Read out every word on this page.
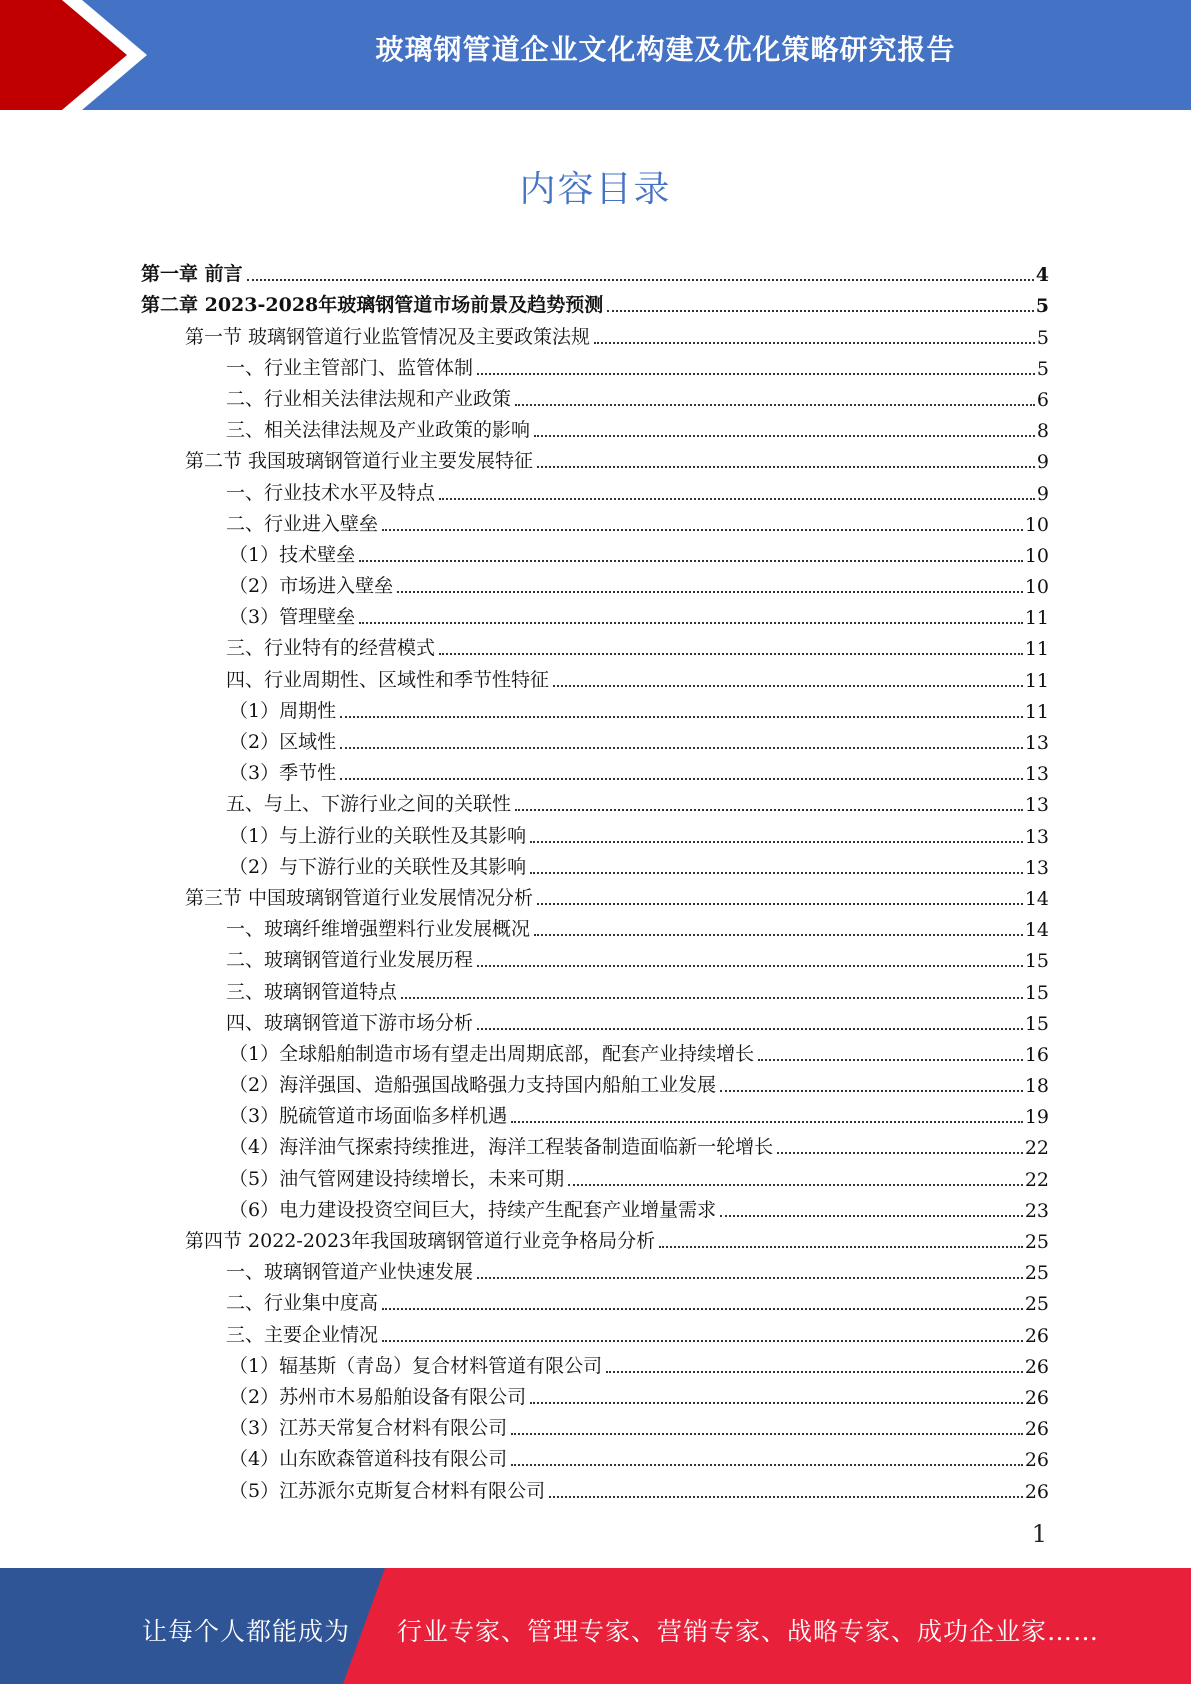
玻璃钢管道企业文化构建及优化策略研究报告
内容目录
第一章 前言	4
第二章 2023-2028年玻璃钢管道市场前景及趋势预测	5
第一节 玻璃钢管道行业监管情况及主要政策法规	5
一、行业主管部门、监管体制	5
二、行业相关法律法规和产业政策	6
三、相关法律法规及产业政策的影响	8
第二节 我国玻璃钢管道行业主要发展特征	9
一、行业技术水平及特点	9
二、行业进入壁垒	10
（1）技术壁垒	10
（2）市场进入壁垒	10
（3）管理壁垒	11
三、行业特有的经营模式	11
四、行业周期性、区域性和季节性特征	11
（1）周期性	11
（2）区域性	13
（3）季节性	13
五、与上、下游行业之间的关联性	13
（1）与上游行业的关联性及其影响	13
（2）与下游行业的关联性及其影响	13
第三节 中国玻璃钢管道行业发展情况分析	14
一、玻璃纤维增强塑料行业发展概况	14
二、玻璃钢管道行业发展历程	15
三、玻璃钢管道特点	15
四、玻璃钢管道下游市场分析	15
（1）全球船舶制造市场有望走出周期底部，配套产业持续增长	16
（2）海洋强国、造船强国战略强力支持国内船舶工业发展	18
（3）脱硫管道市场面临多样机遇	19
（4）海洋油气探索持续推进，海洋工程装备制造面临新一轮增长	22
（5）油气管网建设持续增长，未来可期	22
（6）电力建设投资空间巨大，持续产生配套产业增量需求	23
第四节 2022-2023年我国玻璃钢管道行业竞争格局分析	25
一、玻璃钢管道产业快速发展	25
二、行业集中度高	25
三、主要企业情况	26
（1）辐基斯（青岛）复合材料管道有限公司	26
（2）苏州市木易船舶设备有限公司	26
（3）江苏天常复合材料有限公司	26
（4）山东欧森管道科技有限公司	26
（5）江苏派尔克斯复合材料有限公司	26
1
让每个人都能成为 行业专家、管理专家、营销专家、战略专家、成功企业家……
